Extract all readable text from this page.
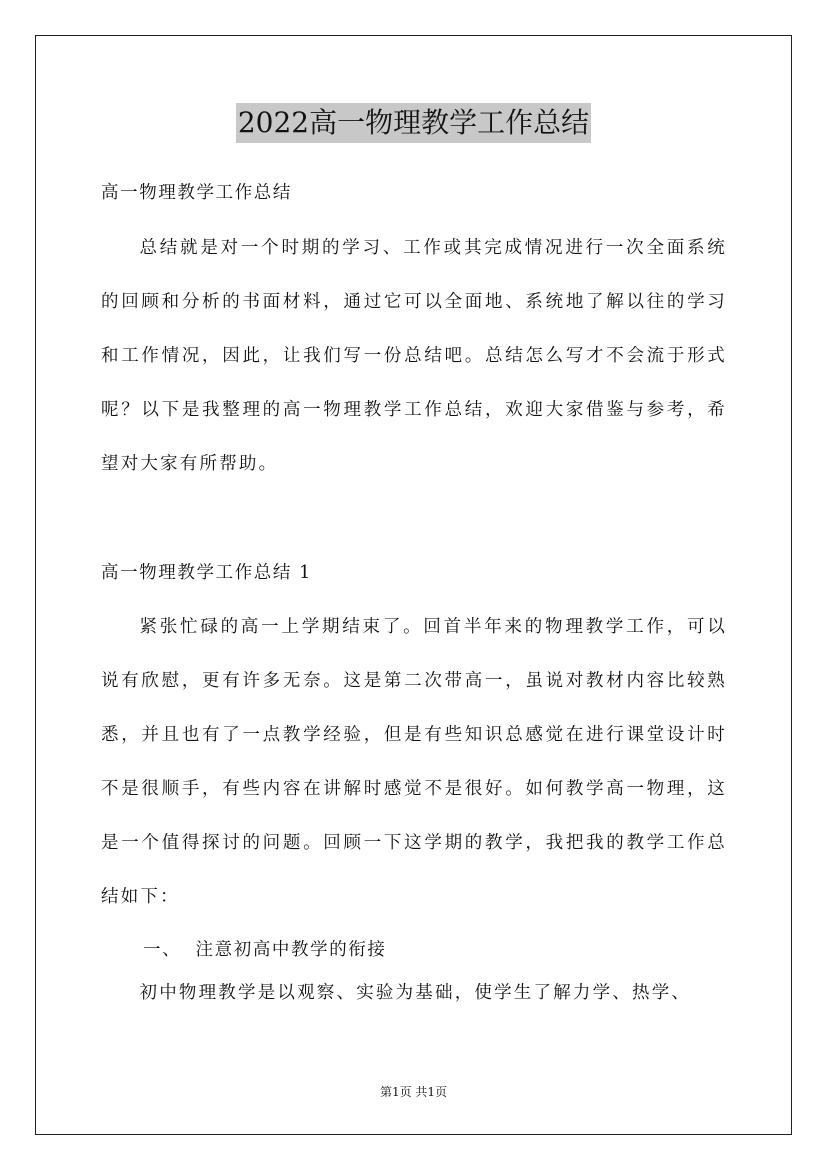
2022高一物理教学工作总结

高一物理教学工作总结

总结就是对一个时期的学习、工作或其完成情况进行一次全面系统的回顾和分析的书面材料，通过它可以全面地、系统地了解以往的学习和工作情况，因此，让我们写一份总结吧。总结怎么写才不会流于形式呢？以下是我整理的高一物理教学工作总结，欢迎大家借鉴与参考，希望对大家有所帮助。

高一物理教学工作总结 1

紧张忙碌的高一上学期结束了。回首半年来的物理教学工作，可以说有欣慰，更有许多无奈。这是第二次带高一，虽说对教材内容比较熟悉，并且也有了一点教学经验，但是有些知识总感觉在进行课堂设计时不是很顺手，有些内容在讲解时感觉不是很好。如何教学高一物理，这是一个值得探讨的问题。回顾一下这学期的教学，我把我的教学工作总结如下：

一、  注意初高中教学的衔接

初中物理教学是以观察、实验为基础，使学生了解力学、热学、

第1页 共1页
